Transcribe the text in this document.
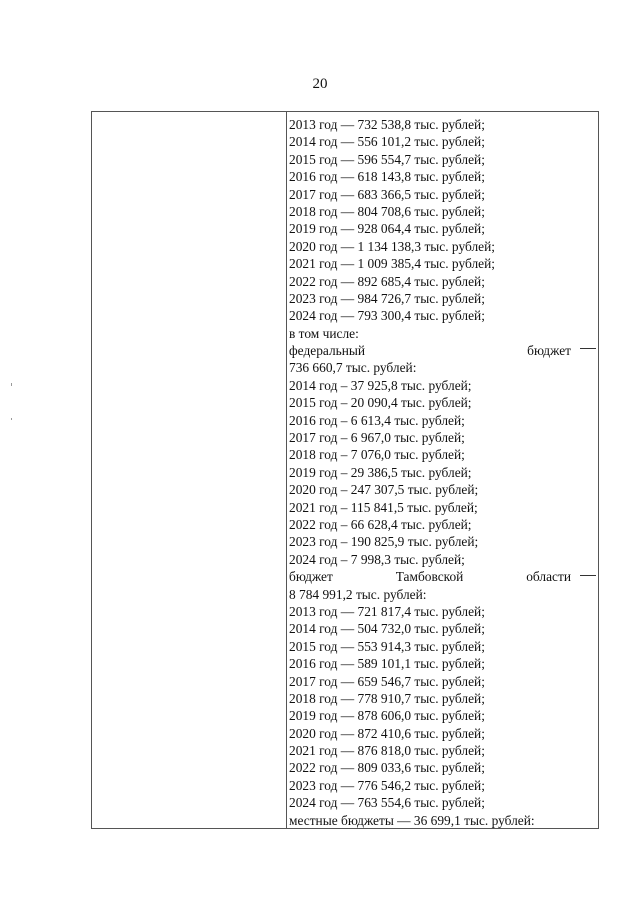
20
2013 год — 732 538,8 тыс. рублей;
2014 год — 556 101,2 тыс. рублей;
2015 год — 596 554,7 тыс. рублей;
2016 год — 618 143,8 тыс. рублей;
2017 год — 683 366,5 тыс. рублей;
2018 год — 804 708,6 тыс. рублей;
2019 год — 928 064,4 тыс. рублей;
2020 год — 1 134 138,3 тыс. рублей;
2021 год — 1 009 385,4 тыс. рублей;
2022 год — 892 685,4 тыс. рублей;
2023 год — 984 726,7 тыс. рублей;
2024 год — 793 300,4 тыс. рублей;
в том числе:
федеральный	бюджет
736 660,7 тыс. рублей:
2014 год – 37 925,8 тыс. рублей;
2015 год – 20 090,4 тыс. рублей;
2016 год – 6 613,4 тыс. рублей;
2017 год – 6 967,0 тыс. рублей;
2018 год – 7 076,0 тыс. рублей;
2019 год – 29 386,5 тыс. рублей;
2020 год – 247 307,5 тыс. рублей;
2021 год – 115 841,5 тыс. рублей;
2022 год – 66 628,4 тыс. рублей;
2023 год – 190 825,9 тыс. рублей;
2024 год – 7 998,3 тыс. рублей;
бюджет	Тамбовской	области
8 784 991,2 тыс. рублей:
2013 год — 721 817,4 тыс. рублей;
2014 год — 504 732,0 тыс. рублей;
2015 год — 553 914,3 тыс. рублей;
2016 год — 589 101,1 тыс. рублей;
2017 год — 659 546,7 тыс. рублей;
2018 год — 778 910,7 тыс. рублей;
2019 год — 878 606,0 тыс. рублей;
2020 год — 872 410,6 тыс. рублей;
2021 год — 876 818,0 тыс. рублей;
2022 год — 809 033,6 тыс. рублей;
2023 год — 776 546,2 тыс. рублей;
2024 год — 763 554,6 тыс. рублей;
местные бюджеты — 36 699,1 тыс. рублей:
